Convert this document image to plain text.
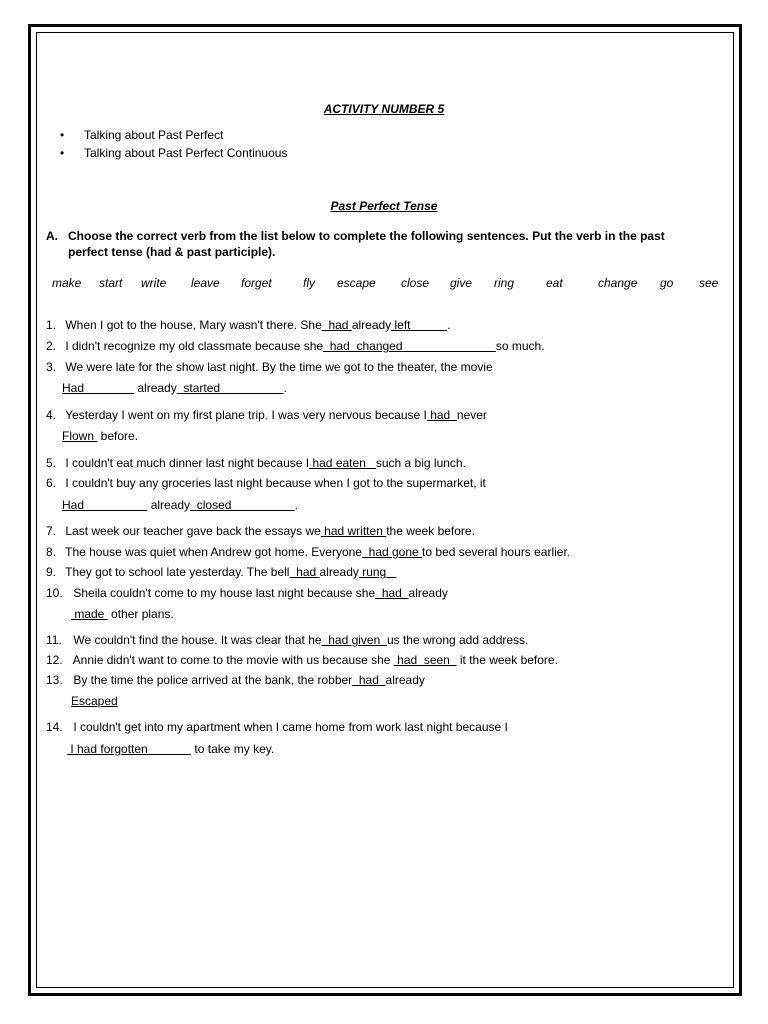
ACTIVITY NUMBER 5
• Talking about Past Perfect
• Talking about Past Perfect Continuous
Past Perfect Tense
A. Choose the correct verb from the list below to complete the following sentences. Put the verb in the past
perfect tense (had & past participle).
make start write leave forget	fly escape close give ring	eat	change go see
1. When I got to the house, Mary wasn't there. She  had already left           .
2. I didn't recognize my old classmate because she  had  changed                            so much.
3. We were late for the show last night. By the time we got to the theater, the movie
Had                already  started                   .
4. Yesterday I went on my first plane trip. I was very nervous because I had  never
Flown  before.
5. I couldn't eat much dinner last night because I had eaten   such a big lunch.
6. I couldn't buy any groceries last night because when I got to the supermarket, it
Had                    already  closed                   .
7. Last week our teacher gave back the essays we had written the week before.
8. The house was quiet when Andrew got home. Everyone  had gone to bed several hours earlier.
9. They got to school late yesterday. The bell  had already rung
10. Sheila couldn't come to my house last night because she  had  already
made  other plans.
11. We couldn't find the house. It was clear that he  had given  us the wrong add address.
12. Annie didn't want to come to the movie with us because she  had  seen   it the week before.
13. By the time the police arrived at the bank, the robber  had  already
Escaped
14. I couldn't get into my apartment when I came home from work last night because I
I had forgotten              to take my key.
